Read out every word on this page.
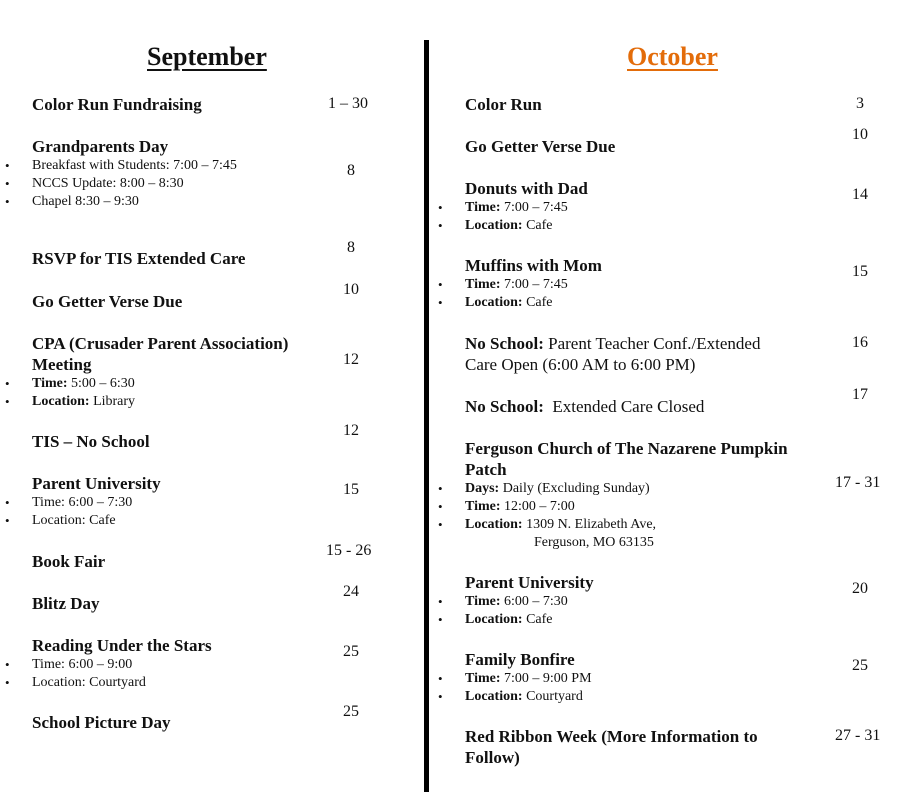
September
Color Run Fundraising	1 – 30
Grandparents Day
• Breakfast with Students: 7:00 – 7:45
• NCCS Update: 8:00 – 8:30
• Chapel 8:30 – 9:30
8
RSVP for TIS Extended Care
8
Go Getter Verse Due
10
CPA (Crusader Parent Association) Meeting
• Time: 5:00 – 6:30
• Location: Library
12
TIS – No School
12
Parent University
• Time: 6:00 – 7:30
• Location: Cafe
15
Book Fair
15 - 26
Blitz Day
24
Reading Under the Stars
• Time: 6:00 – 9:00
• Location: Courtyard
25
School Picture Day
25
October
Color Run	3
Go Getter Verse Due
10
Donuts with Dad
• Time: 7:00 – 7:45
• Location: Cafe
14
Muffins with Mom
• Time: 7:00 – 7:45
• Location: Cafe
15
No School: Parent Teacher Conf./Extended Care Open (6:00 AM to 6:00 PM)
16
No School:  Extended Care Closed
17
Ferguson Church of The Nazarene Pumpkin Patch
• Days: Daily (Excluding Sunday)
• Time: 12:00 – 7:00
• Location: 1309 N. Elizabeth Ave,
Ferguson, MO 63135
17 - 31
Parent University
• Time: 6:00 – 7:30
• Location: Cafe
20
Family Bonfire
• Time: 7:00 – 9:00 PM
• Location: Courtyard
25
Red Ribbon Week (More Information to Follow)
27 - 31
